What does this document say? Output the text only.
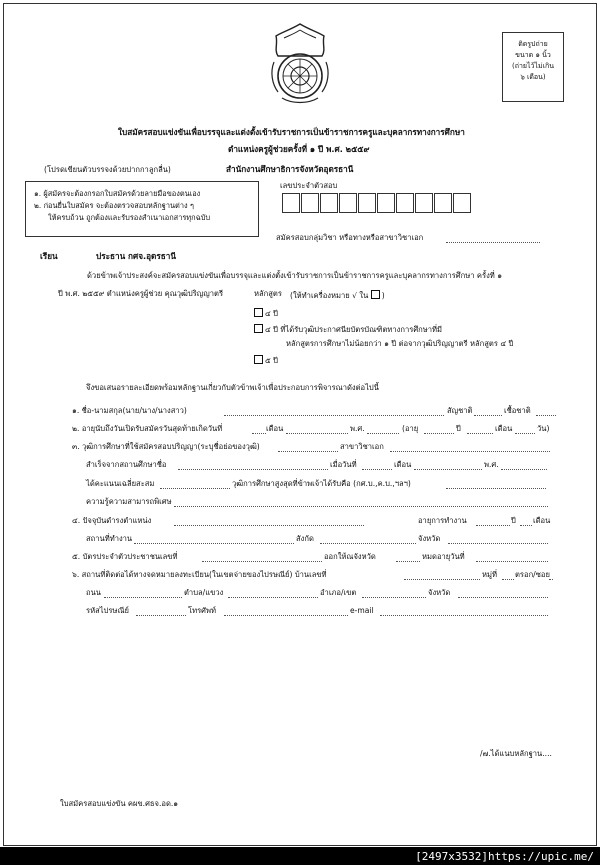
ติดรูปถ่าย
ขนาด ๑ นิ้ว
(ถ่ายไว้ไม่เกิน
๖ เดือน)
ใบสมัครสอบแข่งขันเพื่อบรรจุและแต่งตั้งเข้ารับราชการเป็นข้าราชการครูและบุคลากรทางการศึกษา
ตำแหน่งครูผู้ช่วยครั้งที่ ๑ ปี พ.ศ. ๒๕๕๙
(โปรดเขียนตัวบรรจงด้วยปากกาลูกลื่น)	สำนักงานศึกษาธิการจังหวัดอุดรธานี
๑. ผู้สมัครจะต้องกรอกใบสมัครด้วยลายมือของตนเอง
๒. ก่อนยื่นใบสมัคร จะต้องตรวจสอบหลักฐานต่าง ๆ
ให้ครบถ้วน ถูกต้องและรับรองสำเนาเอกสารทุกฉบับ
เลขประจำตัวสอบ
สมัครสอบกลุ่มวิชา หรือทางหรือสาขาวิชาเอก
เรียน	ประธาน กศจ.อุดรธานี
ด้วยข้าพเจ้าประสงค์จะสมัครสอบแข่งขันเพื่อบรรจุและแต่งตั้งเข้ารับราชการเป็นข้าราชการครูและบุคลากรทางการศึกษา ครั้งที่ ๑
ปี พ.ศ. ๒๕๕๙ ตำแหน่งครูผู้ช่วย คุณวุฒิปริญญาตรี	หลักสูตร (ให้ทำเครื่องหมาย √ ใน )
๔ ปี
๔ ปี ที่ได้รับวุฒิประกาศนียบัตรบัณฑิตทางการศึกษาที่มี
หลักสูตรการศึกษาไม่น้อยกว่า ๑ ปี ต่อจากวุฒิปริญญาตรี หลักสูตร ๔ ปี
๕ ปี
จึงขอเสนอรายละเอียดพร้อมหลักฐานเกี่ยวกับตัวข้าพเจ้าเพื่อประกอบการพิจารณาดังต่อไปนี้
๑. ชื่อ-นามสกุล(นาย/นาง/นางสาว)	สัญชาติ	เชื้อชาติ
๒. อายุนับถึงวันเปิดรับสมัครวันสุดท้ายเกิดวันที่	เดือน	พ.ศ.	(อายุ	ปี	เดือน	วัน)
๓. วุฒิการศึกษาที่ใช้สมัครสอบปริญญา(ระบุชื่อย่อของวุฒิ)	สาขาวิชาเอก
สำเร็จจากสถานศึกษาชื่อ	เมื่อวันที่	เดือน	พ.ศ.
ได้คะแนนเฉลี่ยสะสม	วุฒิการศึกษาสูงสุดที่ข้าพเจ้าได้รับคือ (กศ.บ.,ค.บ.,ฯลฯ)
ความรู้ความสามารถพิเศษ
๔. ปัจจุบันดำรงตำแหน่ง	อายุการทำงาน	ปี เดือน
สถานที่ทำงาน	สังกัด	จังหวัด
๕. บัตรประจำตัวประชาชนเลขที่	ออกให้ณจังหวัด	หมดอายุวันที่
๖. สถานที่ติดต่อได้ทางจดหมายลงทะเบียน(ในเขตจ่ายของไปรษณีย์) บ้านเลขที่	หมู่ที่ ตรอก/ซอย
ถนน	ตำบล/แขวง	อำเภอ/เขต	จังหวัด
รหัสไปรษณีย์	โทรศัพท์	e-mail
/๗.ได้แนบหลักฐาน....
ใบสมัครสอบแข่งขัน คผข.ศธจ.อด.๑
[2497x3532]https://upic.me/
